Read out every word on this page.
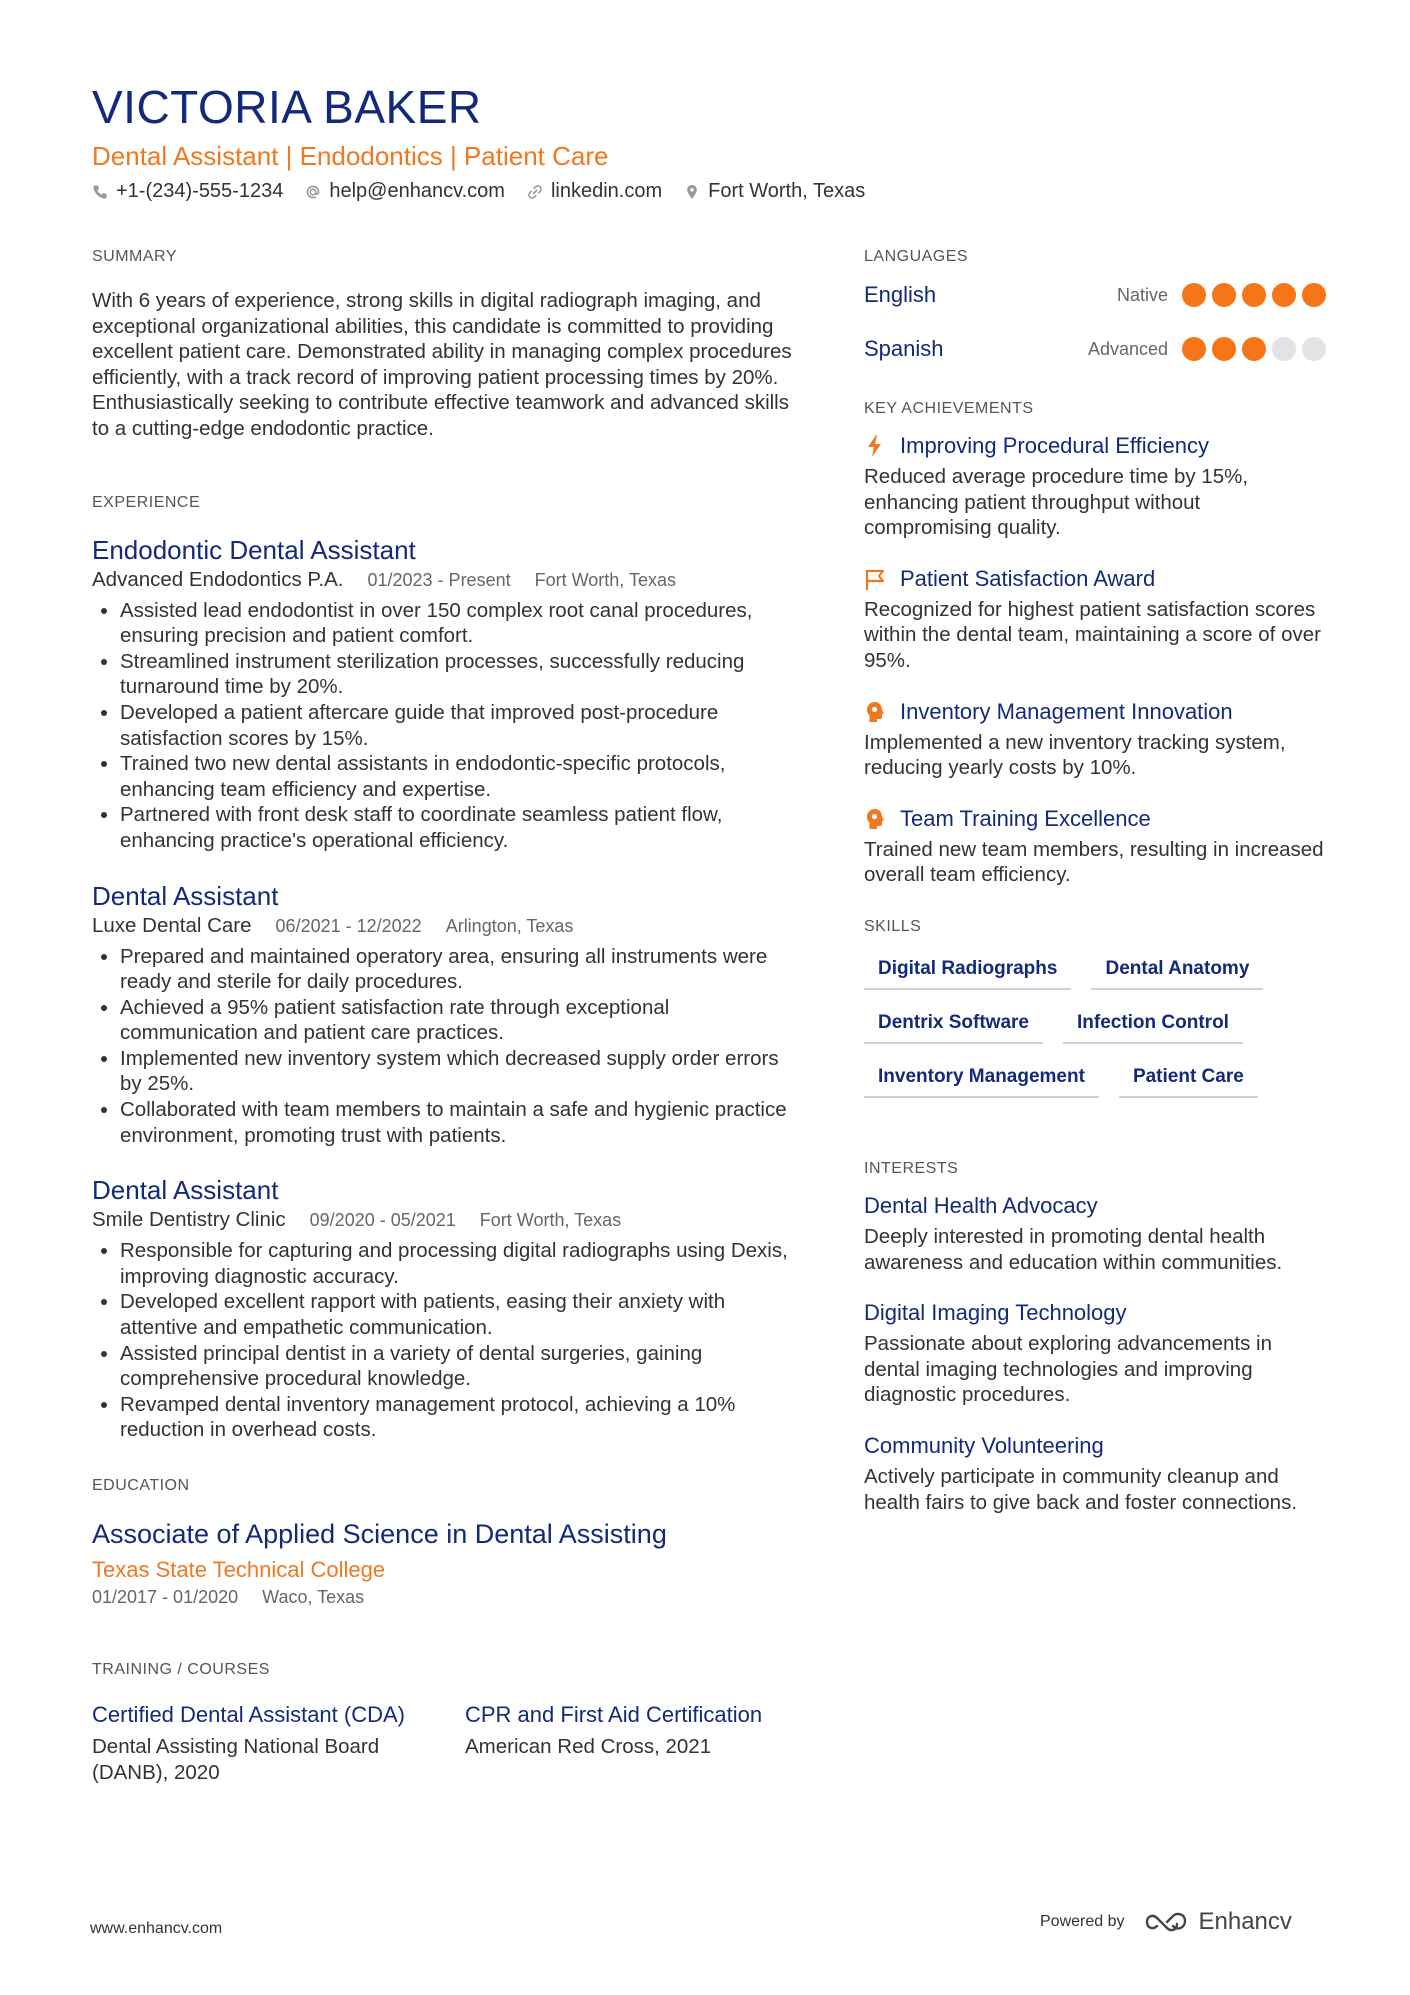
VICTORIA BAKER
Dental Assistant | Endodontics | Patient Care
+1-(234)-555-1234 help@enhancv.com linkedin.com Fort Worth, Texas
SUMMARY

With 6 years of experience, strong skills in digital radiograph imaging, and exceptional organizational abilities, this candidate is committed to providing excellent patient care. Demonstrated ability in managing complex procedures efficiently, with a track record of improving patient processing times by 20%. Enthusiastically seeking to contribute effective teamwork and advanced skills to a cutting-edge endodontic practice.

EXPERIENCE
Endodontic Dental Assistant
Advanced Endodontics P.A. 01/2023 - Present Fort Worth, Texas
• Assisted lead endodontist in over 150 complex root canal procedures, ensuring precision and patient comfort.
• Streamlined instrument sterilization processes, successfully reducing turnaround time by 20%.
• Developed a patient aftercare guide that improved post-procedure satisfaction scores by 15%.
• Trained two new dental assistants in endodontic-specific protocols, enhancing team efficiency and expertise.
• Partnered with front desk staff to coordinate seamless patient flow, enhancing practice's operational efficiency.
Dental Assistant
Luxe Dental Care 06/2021 - 12/2022 Arlington, Texas
• Prepared and maintained operatory area, ensuring all instruments were ready and sterile for daily procedures.
• Achieved a 95% patient satisfaction rate through exceptional communication and patient care practices.
• Implemented new inventory system which decreased supply order errors by 25%.
• Collaborated with team members to maintain a safe and hygienic practice environment, promoting trust with patients.
Dental Assistant
Smile Dentistry Clinic 09/2020 - 05/2021 Fort Worth, Texas
• Responsible for capturing and processing digital radiographs using Dexis, improving diagnostic accuracy.
• Developed excellent rapport with patients, easing their anxiety with attentive and empathetic communication.
• Assisted principal dentist in a variety of dental surgeries, gaining comprehensive procedural knowledge.
• Revamped dental inventory management protocol, achieving a 10% reduction in overhead costs.
EDUCATION
Associate of Applied Science in Dental Assisting
Texas State Technical College
01/2017 - 01/2020 Waco, Texas
TRAINING / COURSES
Certified Dental Assistant (CDA)
Dental Assisting National Board (DANB), 2020
CPR and First Aid Certification
American Red Cross, 2021
LANGUAGES
English	Native
Spanish	Advanced
KEY ACHIEVEMENTS
Improving Procedural Efficiency
Reduced average procedure time by 15%, enhancing patient throughput without compromising quality.
Patient Satisfaction Award
Recognized for highest patient satisfaction scores within the dental team, maintaining a score of over 95%.
Inventory Management Innovation
Implemented a new inventory tracking system, reducing yearly costs by 10%.
Team Training Excellence
Trained new team members, resulting in increased overall team efficiency.
SKILLS
Digital Radiographs	Dental Anatomy
Dentrix Software	Infection Control
Inventory Management	Patient Care
INTERESTS
Dental Health Advocacy
Deeply interested in promoting dental health awareness and education within communities.
Digital Imaging Technology
Passionate about exploring advancements in dental imaging technologies and improving diagnostic procedures.
Community Volunteering
Actively participate in community cleanup and health fairs to give back and foster connections.
www.enhancv.com	Powered by	Enhancv
